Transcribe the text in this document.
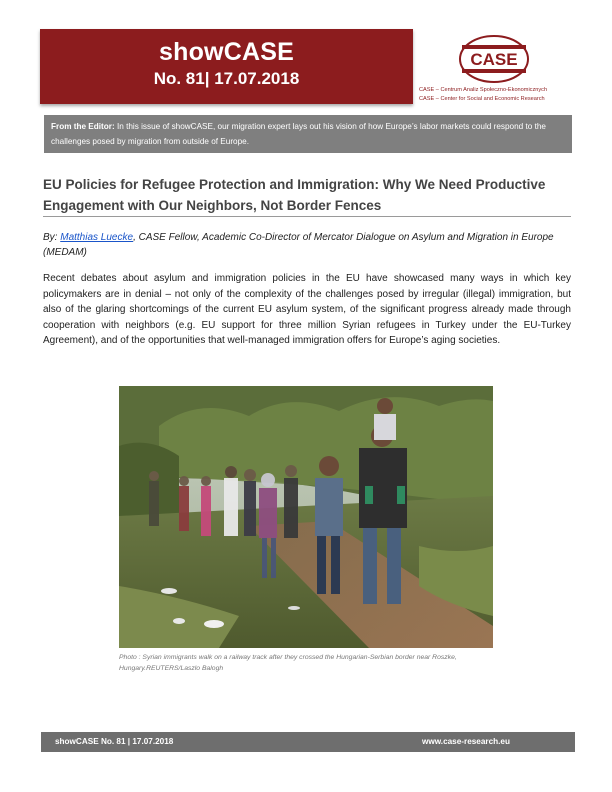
showCASE
No. 81| 17.07.2018
CASE
CASE – Centrum Analiz Społeczno-Ekonomicznych
CASE – Center for Social and Economic Research
From the Editor: In this issue of showCASE, our migration expert lays out his vision of how Europe’s labor markets could respond to the challenges posed by migration from outside of Europe.
EU Policies for Refugee Protection and Immigration: Why We Need Productive Engagement with Our Neighbors, Not Border Fences
By: Matthias Luecke, CASE Fellow, Academic Co-Director of Mercator Dialogue on Asylum and Migration in Europe (MEDAM)
Recent debates about asylum and immigration policies in the EU have showcased many ways in which key policymakers are in denial – not only of the complexity of the challenges posed by irregular (illegal) immigration, but also of the glaring shortcomings of the current EU asylum system, of the significant progress already made through cooperation with neighbors (e.g. EU support for three million Syrian refugees in Turkey under the EU-Turkey Agreement), and of the opportunities that well-managed immigration offers for Europe’s aging societies.
Photo : Syrian immigrants walk on a railway track after they crossed the Hungarian-Serbian border near Roszke, Hungary.REUTERS/Laszlo Balogh
showCASE No. 81 | 17.07.2018	www.case-research.eu
